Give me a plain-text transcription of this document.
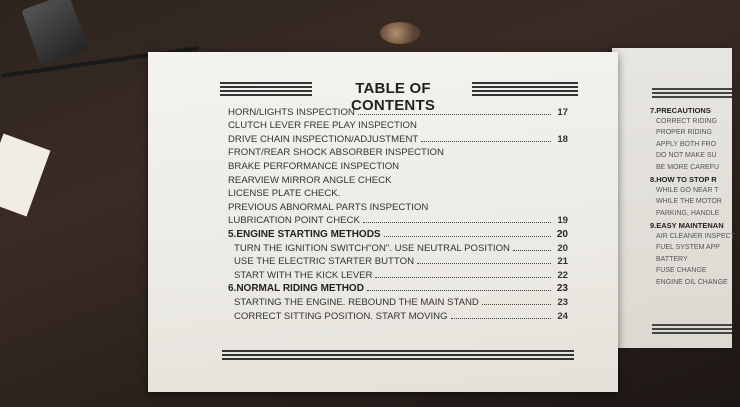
7.PRECAUTIONS
CORRECT RIDING
PROPER RIDING
APPLY BOTH FRO
DO NOT MAKE SU
BE MORE CAREFU
8.HOW TO STOP R
WHILE GO NEAR T
WHILE THE MOTOR
PARKING, HANDLE
9.EASY MAINTENAN
AIR CLEANER INSPECT
FUEL SYSTEM APP
BATTERY
FUSE CHANGE
ENGINE OIL CHANGE
TABLE OF CONTENTS
HORN/LIGHTS INSPECTION	17
CLUTCH LEVER FREE PLAY INSPECTION
DRIVE CHAIN INSPECTION/ADJUSTMENT	18
FRONT/REAR SHOCK ABSORBER INSPECTION
BRAKE PERFORMANCE INSPECTION
REARVIEW MIRROR ANGLE CHECK
LICENSE PLATE CHECK.
PREVIOUS ABNORMAL PARTS INSPECTION
LUBRICATION POINT CHECK	19
5.ENGINE STARTING METHODS	20
TURN THE IGNITION SWITCH"ON". USE NEUTRAL POSITION	20
USE THE ELECTRIC STARTER BUTTON	21
START WITH THE KICK LEVER	22
6.NORMAL RIDING METHOD	23
STARTING THE ENGINE. REBOUND THE MAIN STAND	23
CORRECT SITTING POSITION. START MOVING	24
